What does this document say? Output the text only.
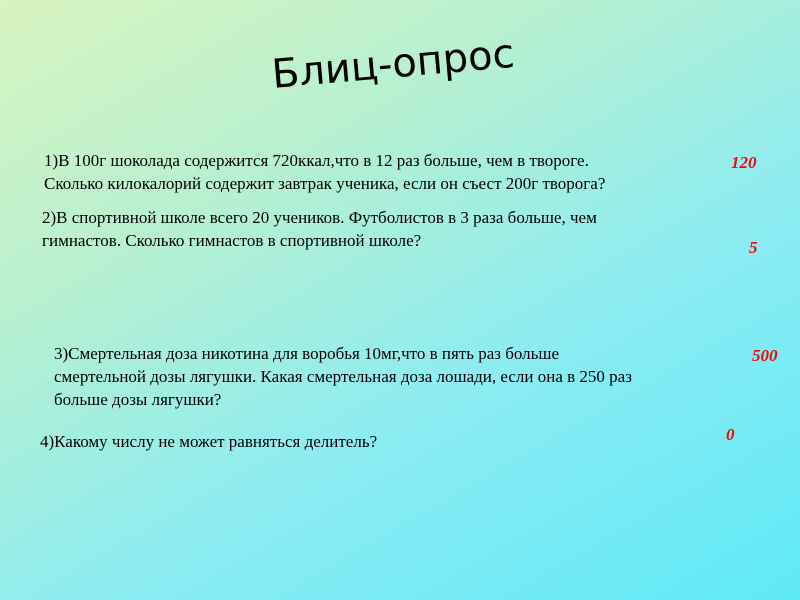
Блиц-опрос
1)В 100г шоколада содержится 720ккал,что в 12 раз больше, чем в твороге.
Сколько килокалорий содержит завтрак ученика, если он съест 200г творога?
120
2)В спортивной школе всего 20 учеников. Футболистов в 3 раза больше, чем
гимнастов. Сколько гимнастов в спортивной школе?	5
3)Смертельная доза никотина для воробья 10мг,что в пять раз больше
смертельной дозы лягушки. Какая смертельная доза лошади, если она в 250 раз
больше дозы лягушки?
500
4)Какому числу не может равняться делитель?	0
